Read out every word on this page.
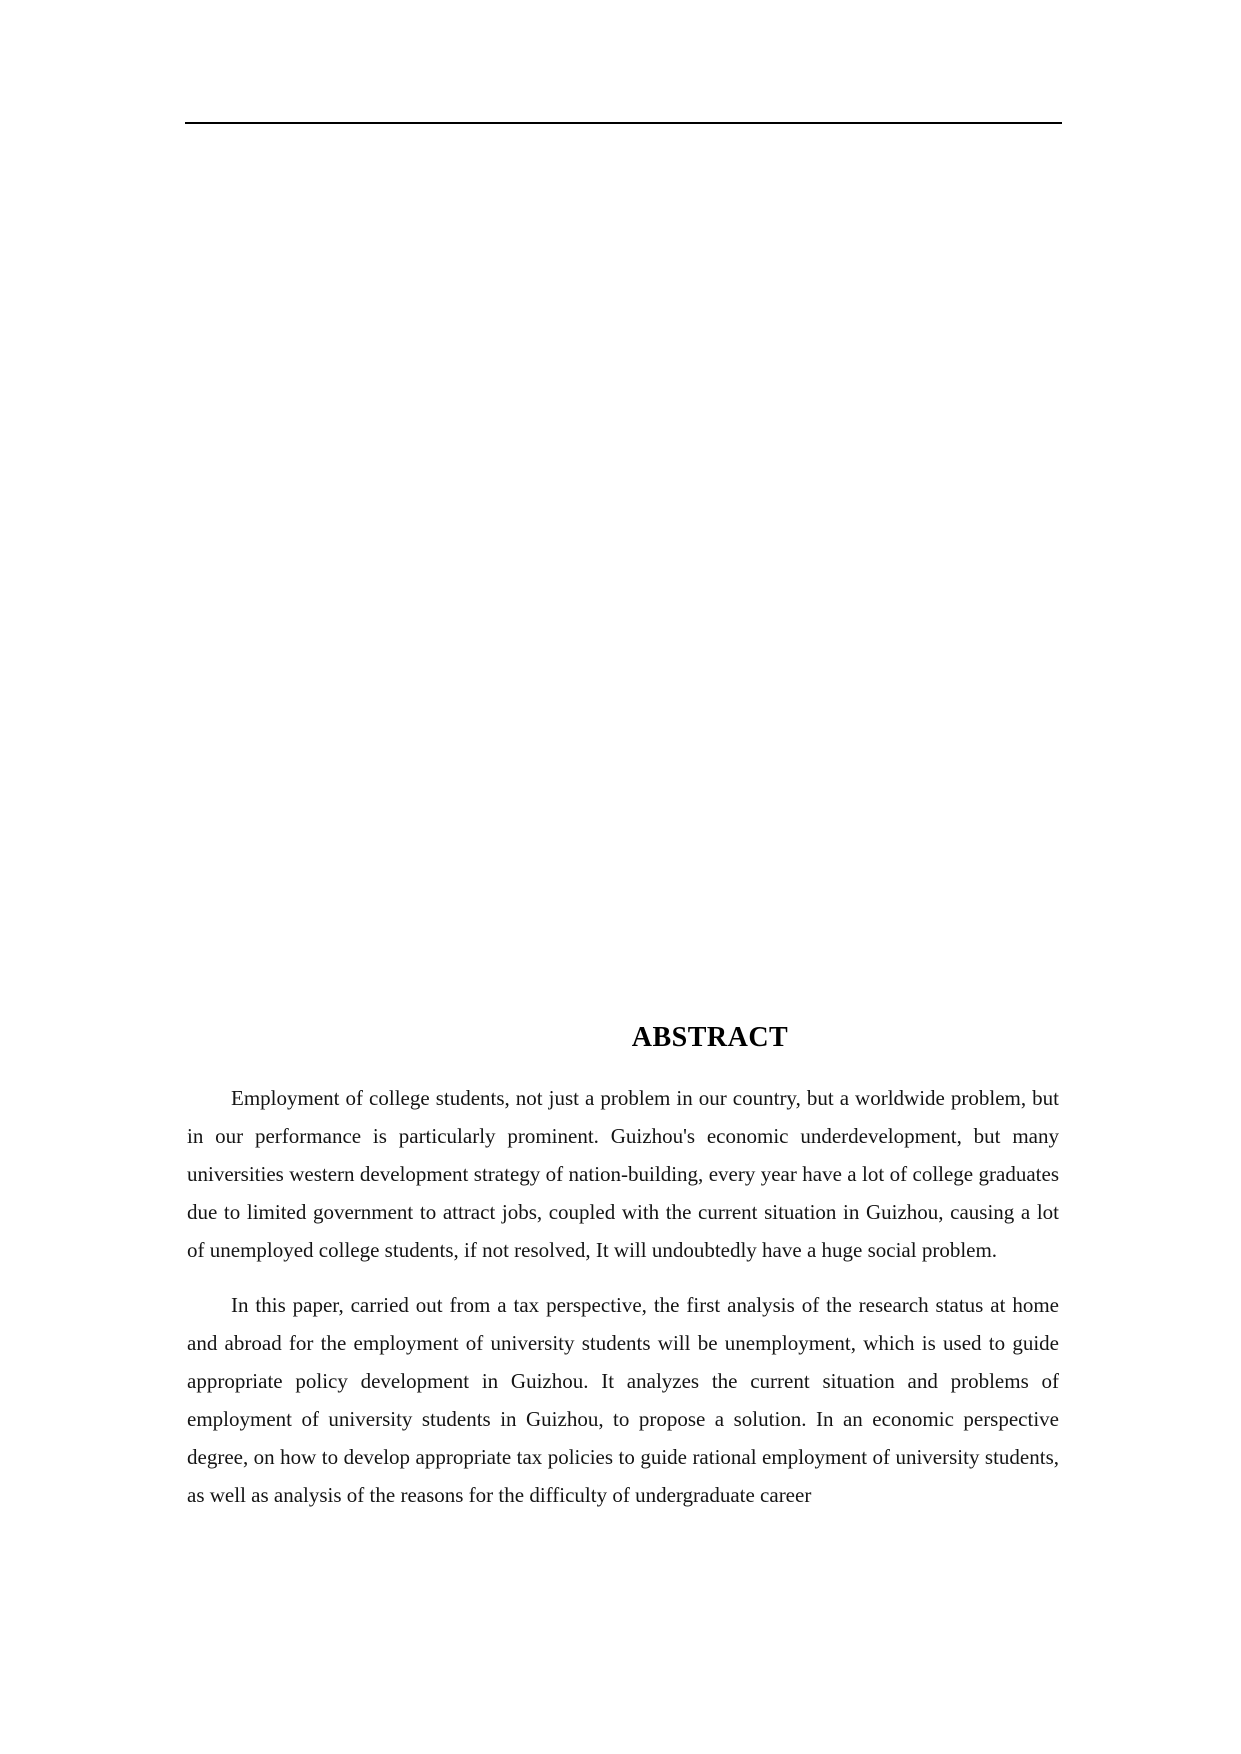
ABSTRACT

Employment of college students, not just a problem in our country, but a worldwide problem, but in our performance is particularly prominent. Guizhou's economic underdevelopment, but many universities western development strategy of nation-building, every year have a lot of college graduates due to limited government to attract jobs, coupled with the current situation in Guizhou, causing a lot of unemployed college students, if not resolved, It will undoubtedly have a huge social problem.

In this paper, carried out from a tax perspective, the first analysis of the research status at home and abroad for the employment of university students will be unemployment, which is used to guide appropriate policy development in Guizhou. It analyzes the current situation and problems of employment of university students in Guizhou, to propose a solution. In an economic perspective degree, on how to develop appropriate tax policies to guide rational employment of university students, as well as analysis of the reasons for the difficulty of undergraduate career
